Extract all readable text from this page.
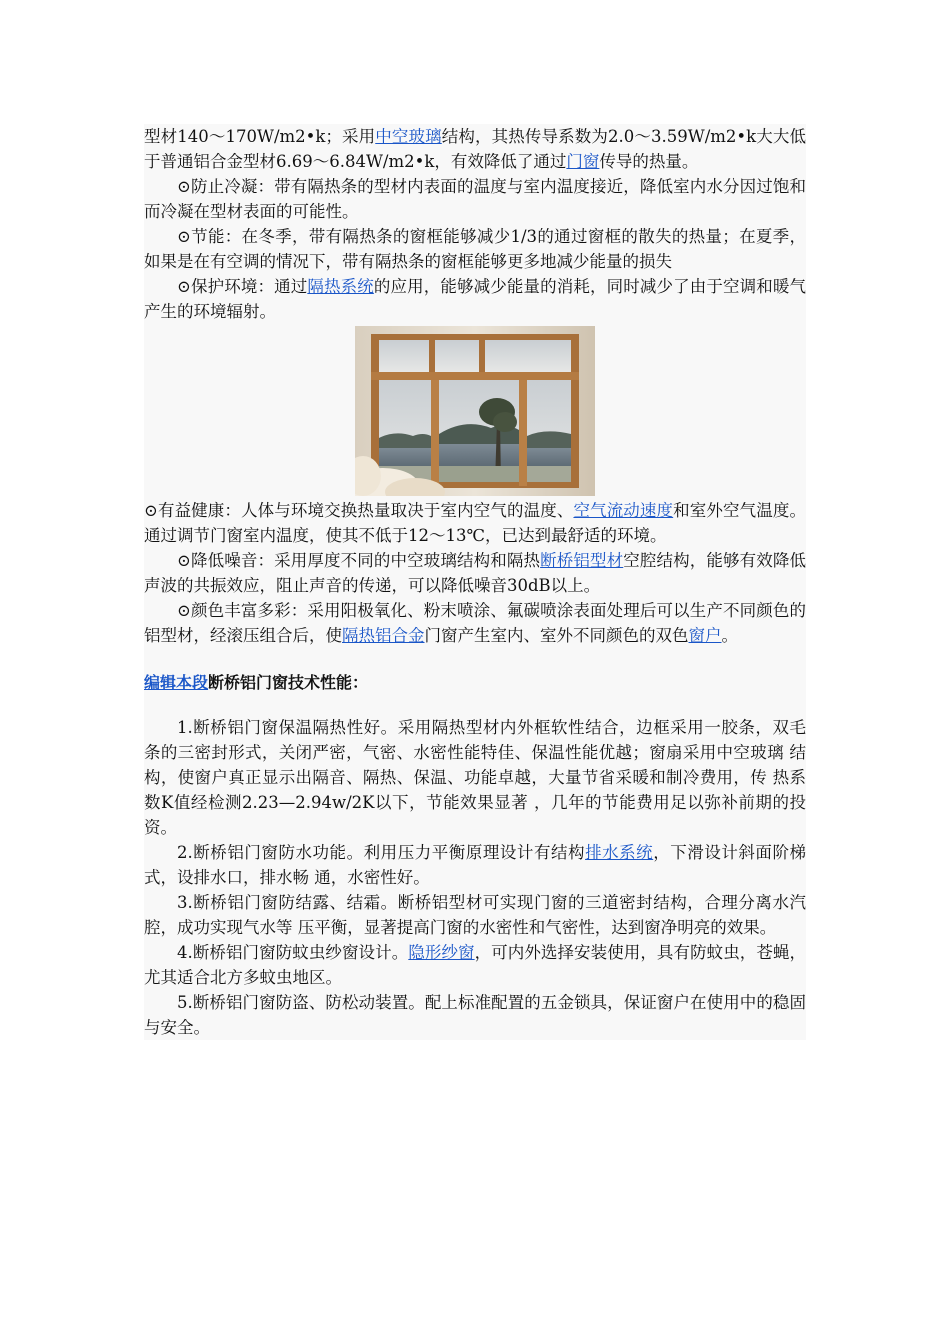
型材140～170W/m2•k；采用中空玻璃结构，其热传导系数为2.0～3.59W/m2•k大大低于普通铝合金型材6.69～6.84W/m2•k，有效降低了通过门窗传导的热量。

⊙防止冷凝：带有隔热条的型材内表面的温度与室内温度接近，降低室内水分因过饱和而冷凝在型材表面的可能性。

⊙节能：在冬季，带有隔热条的窗框能够减少1/3的通过窗框的散失的热量；在夏季，如果是在有空调的情况下，带有隔热条的窗框能够更多地减少能量的损失

⊙保护环境：通过隔热系统的应用，能够减少能量的消耗，同时减少了由于空调和暖气产生的环境辐射。

⊙有益健康：人体与环境交换热量取决于室内空气的温度、空气流动速度和室外空气温度。通过调节门窗室内温度，使其不低于12～13℃，已达到最舒适的环境。

⊙降低噪音：采用厚度不同的中空玻璃结构和隔热断桥铝型材空腔结构，能够有效降低声波的共振效应，阻止声音的传递，可以降低噪音30dB以上。

⊙颜色丰富多彩：采用阳极氧化、粉末喷涂、氟碳喷涂表面处理后可以生产不同颜色的铝型材，经滚压组合后，使隔热铝合金门窗产生室内、室外不同颜色的双色窗户。

编辑本段断桥铝门窗技术性能：

1.断桥铝门窗保温隔热性好。采用隔热型材内外框软性结合，边框采用一胶条，双毛 条的三密封形式，关闭严密，气密、水密性能特佳、保温性能优越；窗扇采用中空玻璃 结构，使窗户真正显示出隔音、隔热、保温、功能卓越，大量节省采暖和制冷费用，传 热系数K值经检测2.23—2.94w/2K以下，节能效果显著 ，几年的节能费用足以弥补前期的投资。

2.断桥铝门窗防水功能。利用压力平衡原理设计有结构排水系统，下滑设计斜面阶梯式，设排水口，排水畅 通，水密性好。

3.断桥铝门窗防结露、结霜。断桥铝型材可实现门窗的三道密封结构，合理分离水汽腔，成功实现气水等 压平衡，显著提高门窗的水密性和气密性，达到窗净明亮的效果。

4.断桥铝门窗防蚊虫纱窗设计。隐形纱窗，可内外选择安装使用，具有防蚊虫，苍蝇，尤其适合北方多蚊虫地区。

5.断桥铝门窗防盗、防松动装置。配上标准配置的五金锁具，保证窗户在使用中的稳固与安全。
